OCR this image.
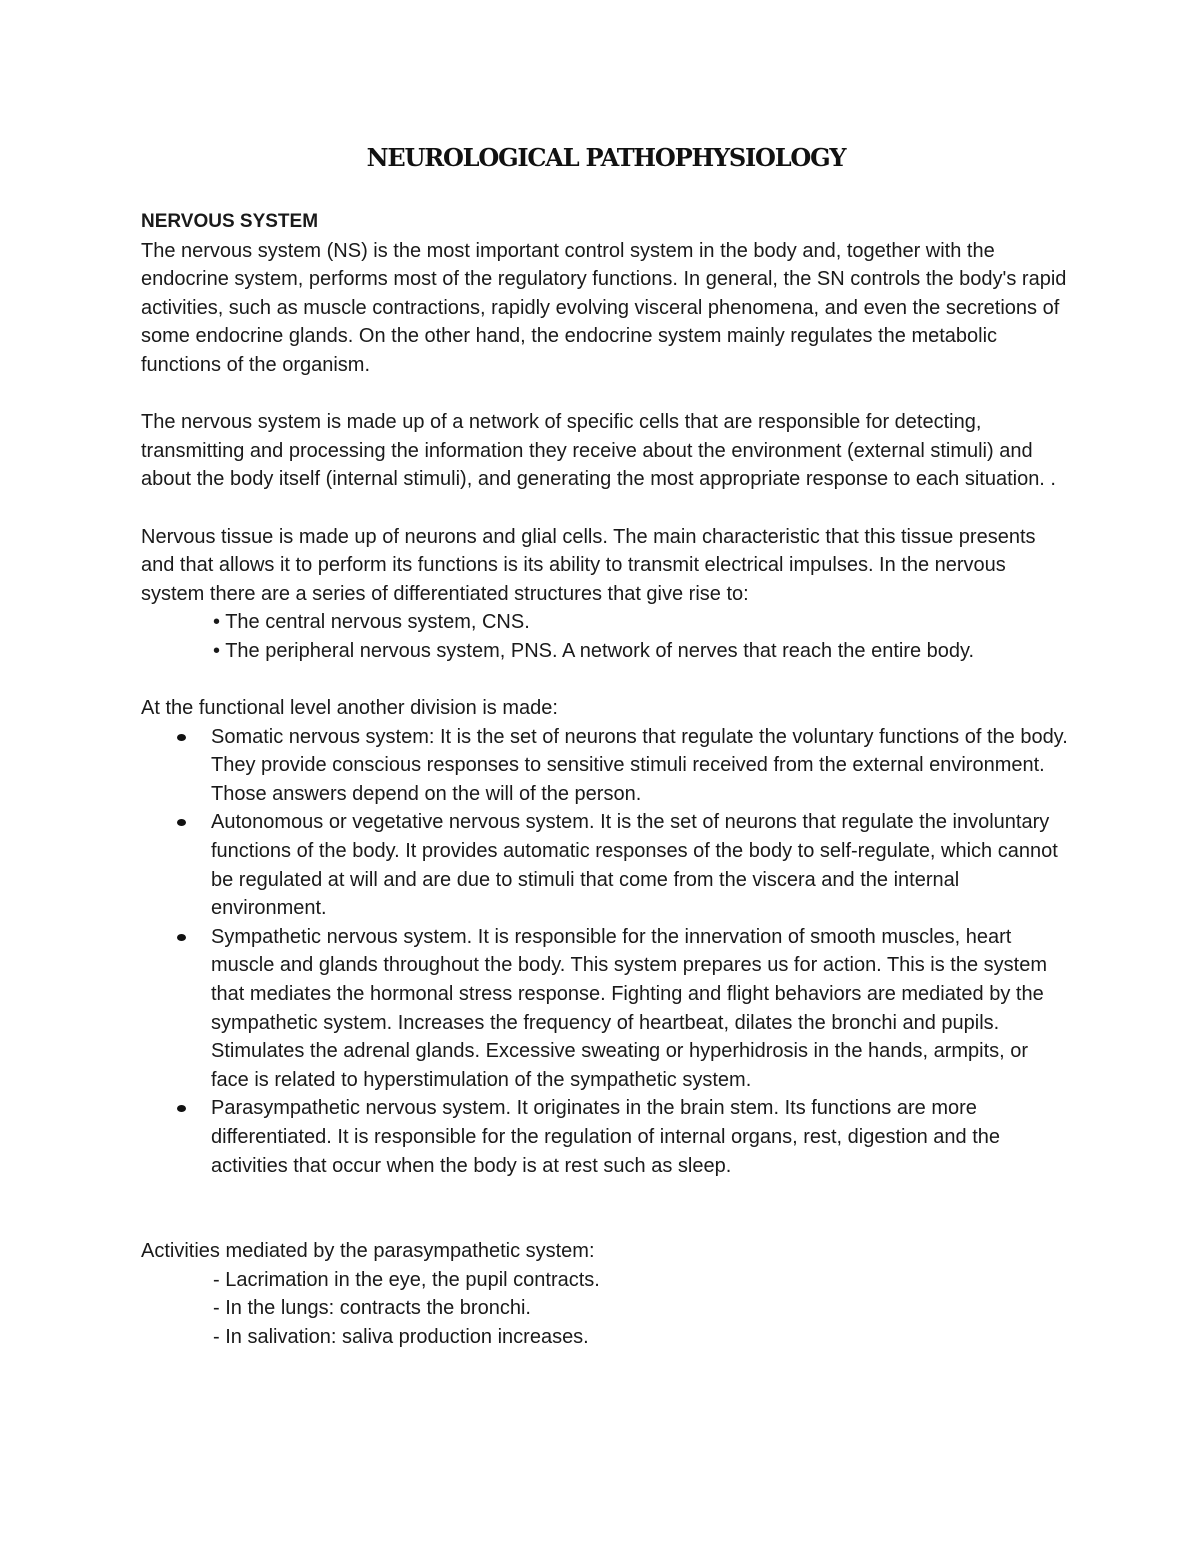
NEUROLOGICAL PATHOPHYSIOLOGY
NERVOUS SYSTEM

The nervous system (NS) is the most important control system in the body and, together with the endocrine system, performs most of the regulatory functions. In general, the SN controls the body's rapid activities, such as muscle contractions, rapidly evolving visceral phenomena, and even the secretions of some endocrine glands. On the other hand, the endocrine system mainly regulates the metabolic functions of the organism.

The nervous system is made up of a network of specific cells that are responsible for detecting, transmitting and processing the information they receive about the environment (external stimuli) and about the body itself (internal stimuli), and generating the most appropriate response to each situation. .

Nervous tissue is made up of neurons and glial cells. The main characteristic that this tissue presents and that allows it to perform its functions is its ability to transmit electrical impulses. In the nervous system there are a series of differentiated structures that give rise to:

• The central nervous system, CNS.

• The peripheral nervous system, PNS. A network of nerves that reach the entire body.

At the functional level another division is made:

Somatic nervous system: It is the set of neurons that regulate the voluntary functions of the body. They provide conscious responses to sensitive stimuli received from the external environment. Those answers depend on the will of the person.
Autonomous or vegetative nervous system. It is the set of neurons that regulate the involuntary functions of the body. It provides automatic responses of the body to self-regulate, which cannot be regulated at will and are due to stimuli that come from the viscera and the internal environment.
Sympathetic nervous system. It is responsible for the innervation of smooth muscles, heart muscle and glands throughout the body. This system prepares us for action. This is the system that mediates the hormonal stress response. Fighting and flight behaviors are mediated by the sympathetic system. Increases the frequency of heartbeat, dilates the bronchi and pupils. Stimulates the adrenal glands. Excessive sweating or hyperhidrosis in the hands, armpits, or face is related to hyperstimulation of the sympathetic system.
Parasympathetic nervous system. It originates in the brain stem. Its functions are more differentiated. It is responsible for the regulation of internal organs, rest, digestion and the activities that occur when the body is at rest such as sleep.

Activities mediated by the parasympathetic system:

- Lacrimation in the eye, the pupil contracts.

- In the lungs: contracts the bronchi.

- In salivation: saliva production increases.
